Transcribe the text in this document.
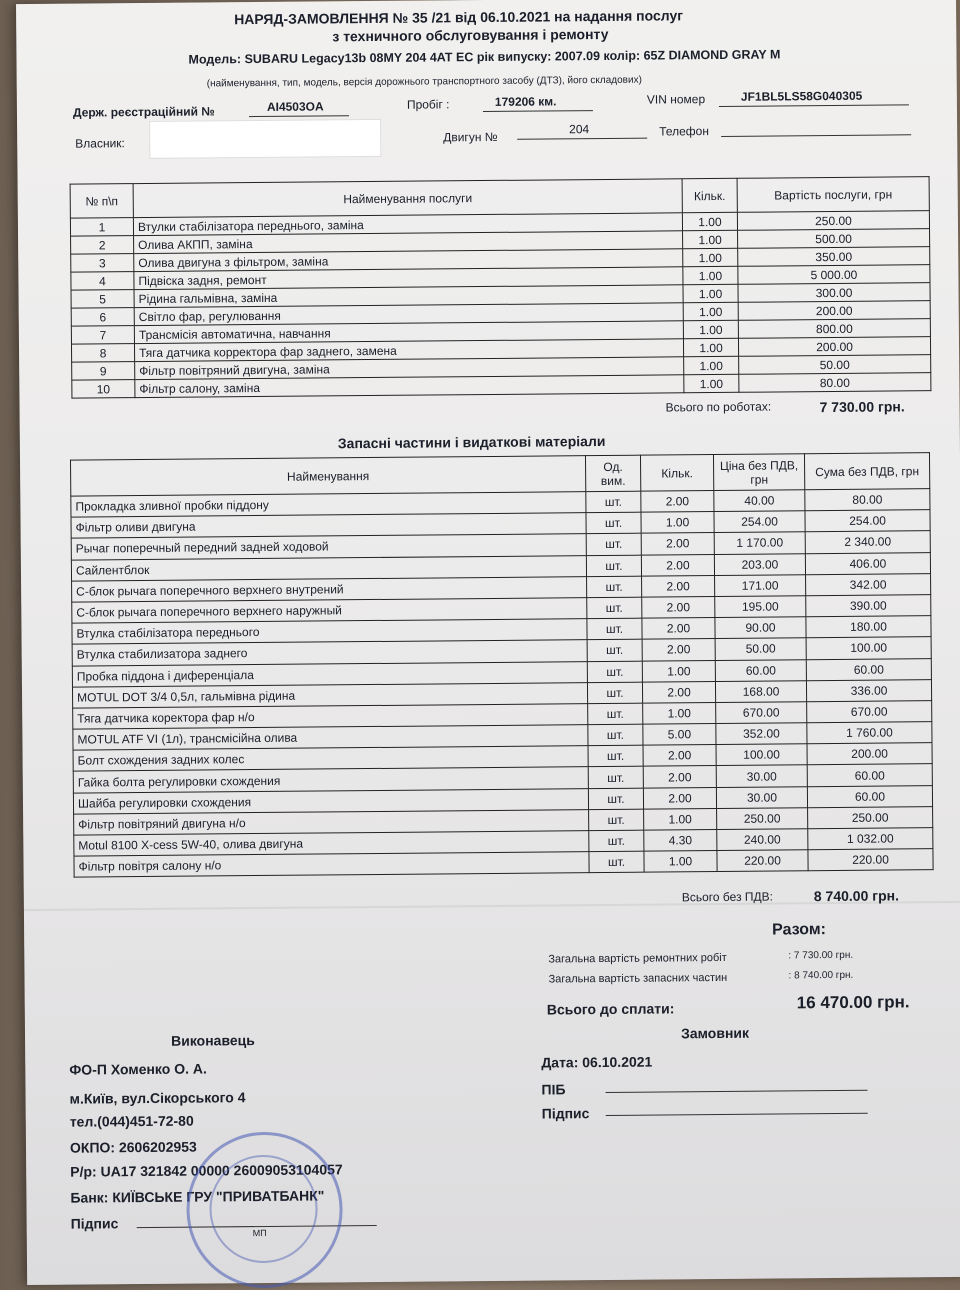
НАРЯД-ЗАМОВЛЕННЯ № 35 /21 від 06.10.2021 на надання послуг
з техничного обслуговування і ремонту
Модель: SUBARU Legacy13b 08MY 204 4AT EC рік випуску: 2007.09 колір: 65Z DIAMOND GRAY M
(найменування, тип, модель, версія дорожнього транспортного засобу (ДТЗ), його складових)
Держ. реєстраційний №	AI4503OA	Пробіг :	179206 км.	VIN номер	JF1BL5LS58G040305
Власник:	Двигун №
204	Телефон
№ п\п	Найменування послуги	Кільк.	Вартість послуги, грн
1	Втулки стабілізатора переднього, заміна	1.00	250.00
2	Олива АКПП, заміна	1.00	500.00
3	Олива двигуна з фільтром, заміна	1.00	350.00
4	Підвіска задня, ремонт	1.00	5 000.00
5	Рідина гальмівна, заміна	1.00	300.00
6	Світло фар, регулювання	1.00	200.00
7	Трансмісія автоматична, навчання	1.00	800.00
8	Тяга датчика корректора фар заднего, замена	1.00	200.00
9	Фільтр повітряний двигуна, заміна	1.00	50.00
10	Фільтр салону, заміна	1.00	80.00
Всього по роботах:	7 730.00 грн.
Запасні частини і видаткові матеріали
Найменування	Од. вим.	Кільк.	Ціна без ПДВ, грн	Сума без ПДВ, грн
Прокладка зливної пробки піддону	шт.	2.00	40.00	80.00
Фільтр оливи двигуна	шт.	1.00	254.00	254.00
Рычаг поперечный передний задней ходовой	шт.	2.00	1 170.00	2 340.00
Сайлентблок	шт.	2.00	203.00	406.00
С-блок рычага поперечного верхнего внутрений	шт.	2.00	171.00	342.00
С-блок рычага поперечного верхнего наружный	шт.	2.00	195.00	390.00
Втулка стабілізатора переднього	шт.	2.00	90.00	180.00
Втулка стабилизатора заднего	шт.	2.00	50.00	100.00
Пробка піддона і диференціала	шт.	1.00	60.00	60.00
MOTUL DOT 3/4 0,5л, гальмівна рідина	шт.	2.00	168.00	336.00
Тяга датчика коректора фар н/о	шт.	1.00	670.00	670.00
MOTUL ATF VI (1л), трансмісійна олива	шт.	5.00	352.00	1 760.00
Болт схождения задних колес	шт.	2.00	100.00	200.00
Гайка болта регулировки схождения	шт.	2.00	30.00	60.00
Шайба регулировки схождения	шт.	2.00	30.00	60.00
Фільтр повітряний двигуна н/о	шт.	1.00	250.00	250.00
Motul 8100 X-cess 5W-40, олива двигуна	шт.	4.30	240.00	1 032.00
Фільтр повітря салону н/о	шт.	1.00	220.00	220.00
Всього без ПДВ:	8 740.00 грн.
Разом:
Загальна вартість ремонтних робіт	: 7 730.00 грн.
Загальна вартість запасних частин	: 8 740.00 грн.
Всього до сплати:	16 470.00 грн.
Виконавець
ФО-П Хоменко О. А.
м.Київ, вул.Сікорського 4
тел.(044)451-72-80
ОКПО: 2606202953
Р/р: UA17 321842 00000 26009053104057
Банк: КИЇВСЬКЕ ГРУ "ПРИВАТБАНК"
Підпис
МП
Замовник
Дата: 06.10.2021
ПІБ
Підпис
